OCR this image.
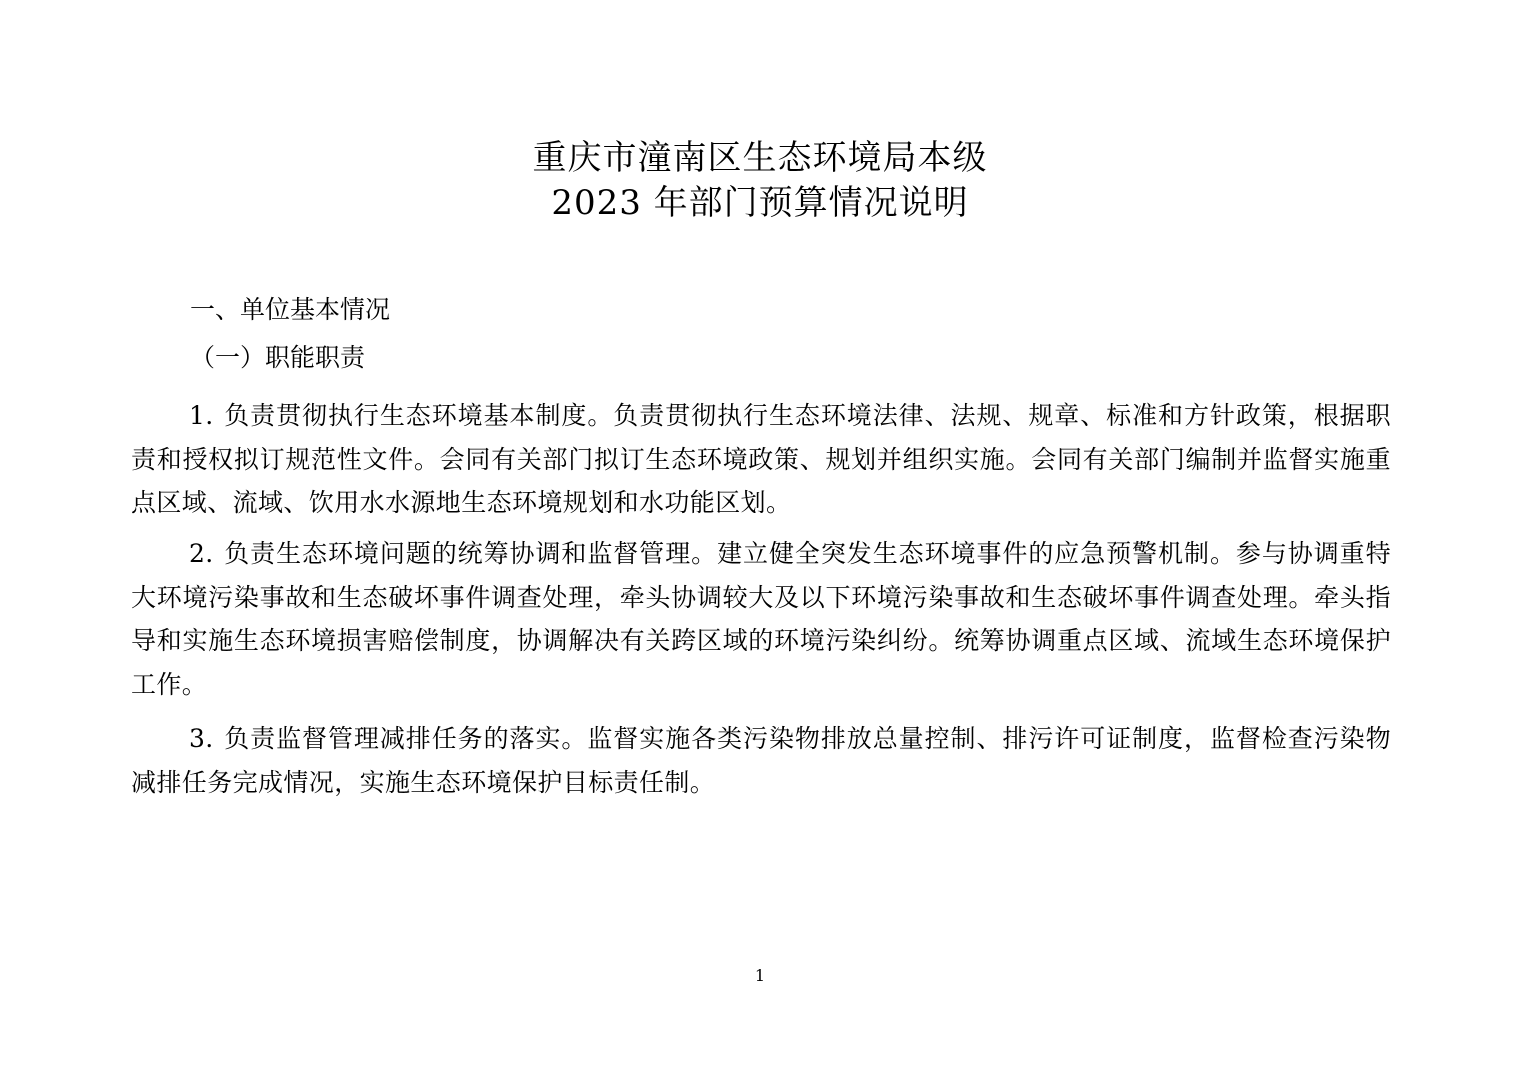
重庆市潼南区生态环境局本级
2023 年部门预算情况说明
一、单位基本情况
（一）职能职责
1. 负责贯彻执行生态环境基本制度。负责贯彻执行生态环境法律、法规、规章、标准和方针政策，根据职责和授权拟订规范性文件。会同有关部门拟订生态环境政策、规划并组织实施。会同有关部门编制并监督实施重点区域、流域、饮用水水源地生态环境规划和水功能区划。
2. 负责生态环境问题的统筹协调和监督管理。建立健全突发生态环境事件的应急预警机制。参与协调重特大环境污染事故和生态破坏事件调查处理，牵头协调较大及以下环境污染事故和生态破坏事件调查处理。牵头指导和实施生态环境损害赔偿制度，协调解决有关跨区域的环境污染纠纷。统筹协调重点区域、流域生态环境保护工作。
3. 负责监督管理减排任务的落实。监督实施各类污染物排放总量控制、排污许可证制度，监督检查污染物减排任务完成情况，实施生态环境保护目标责任制。
1
